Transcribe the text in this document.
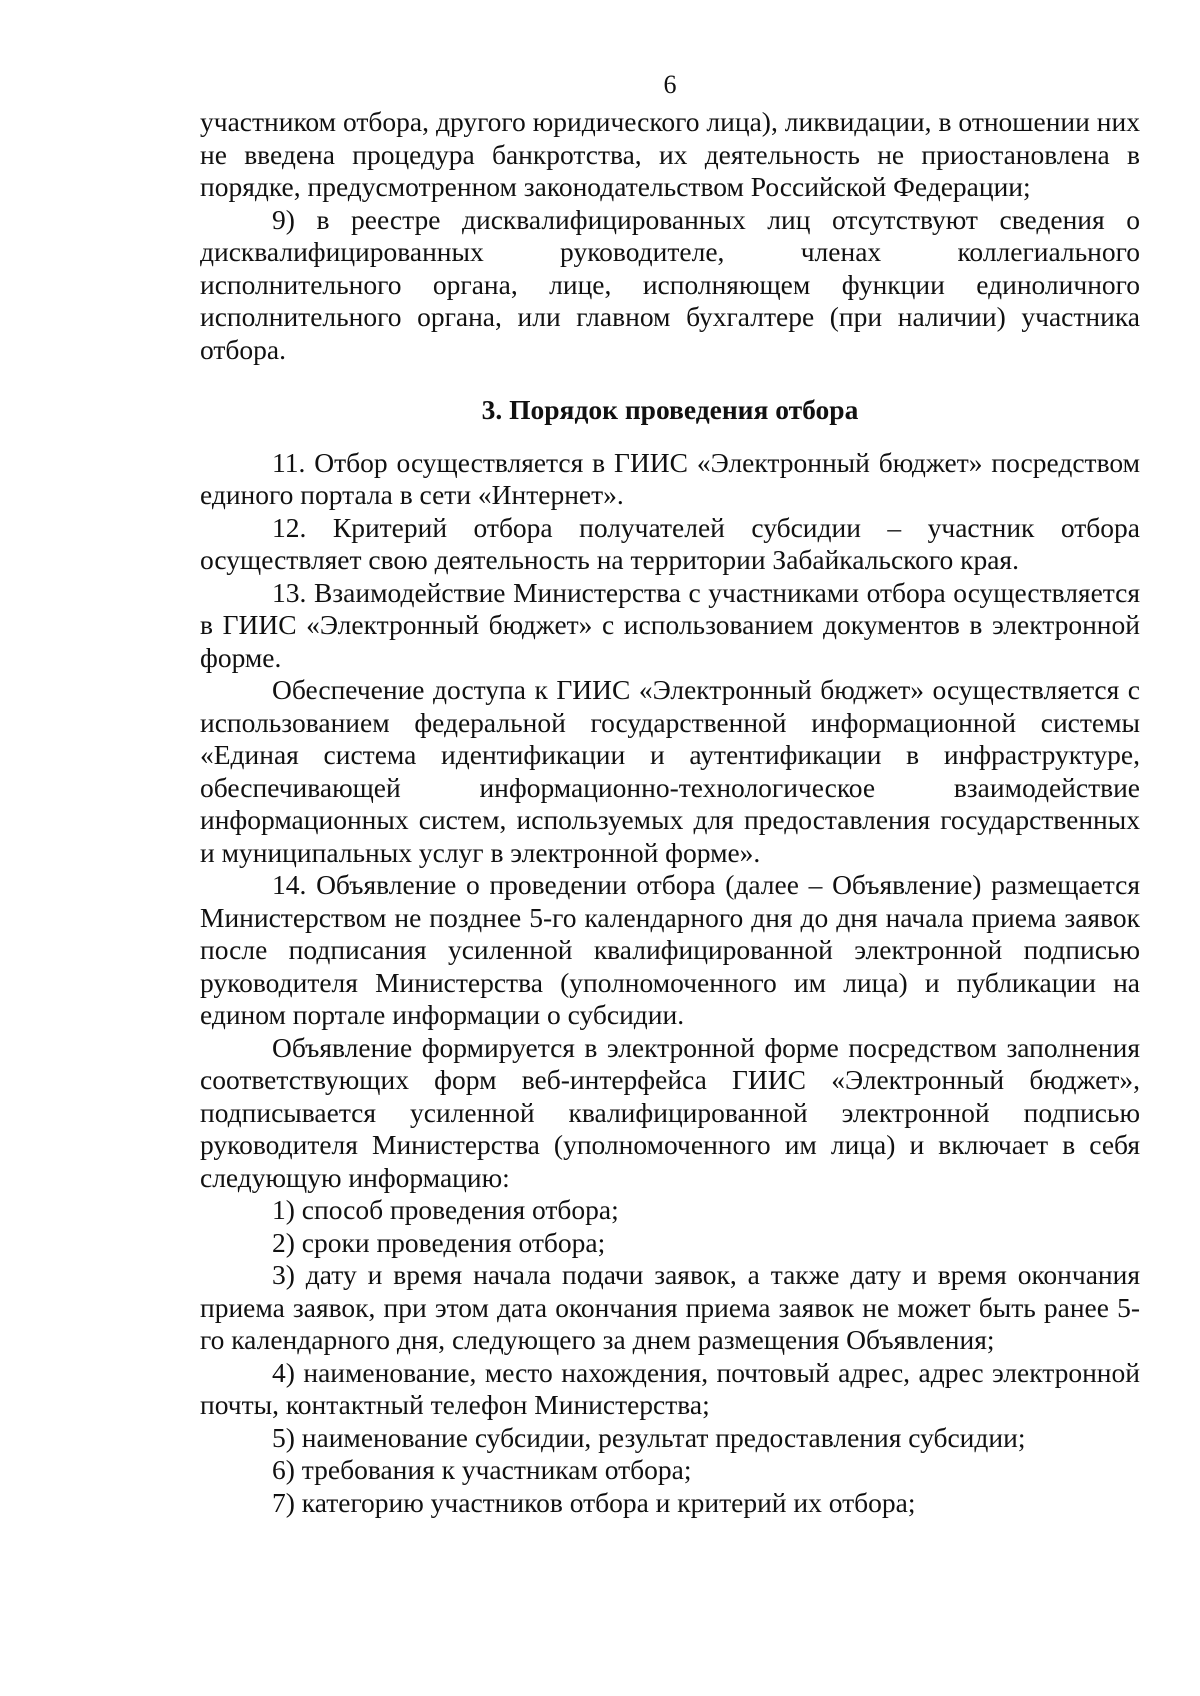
6

участником отбора, другого юридического лица), ликвидации, в отношении них не введена процедура банкротства, их деятельность не приостановлена в порядке, предусмотренном законодательством Российской Федерации;

9) в реестре дисквалифицированных лиц отсутствуют сведения о дисквалифицированных руководителе, членах коллегиального исполнительного органа, лице, исполняющем функции единоличного исполнительного органа, или главном бухгалтере (при наличии) участника отбора.

3. Порядок проведения отбора

11. Отбор осуществляется в ГИИС «Электронный бюджет» посредством единого портала в сети «Интернет».

12. Критерий отбора получателей субсидии – участник отбора осуществляет свою деятельность на территории Забайкальского края.

13. Взаимодействие Министерства с участниками отбора осуществляется в ГИИС «Электронный бюджет» с использованием документов в электронной форме.

Обеспечение доступа к ГИИС «Электронный бюджет» осуществляется с использованием федеральной государственной информационной системы «Единая система идентификации и аутентификации в инфраструктуре, обеспечивающей информационно-технологическое взаимодействие информационных систем, используемых для предоставления государственных и муниципальных услуг в электронной форме».

14. Объявление о проведении отбора (далее – Объявление) размещается Министерством не позднее 5-го календарного дня до дня начала приема заявок после подписания усиленной квалифицированной электронной подписью руководителя Министерства (уполномоченного им лица) и публикации на едином портале информации о субсидии.

Объявление формируется в электронной форме посредством заполнения соответствующих форм веб-интерфейса ГИИС «Электронный бюджет», подписывается усиленной квалифицированной электронной подписью руководителя Министерства (уполномоченного им лица) и включает в себя следующую информацию:

1) способ проведения отбора;

2) сроки проведения отбора;

3) дату и время начала подачи заявок, а также дату и время окончания приема заявок, при этом дата окончания приема заявок не может быть ранее 5-го календарного дня, следующего за днем размещения Объявления;

4) наименование, место нахождения, почтовый адрес, адрес электронной почты, контактный телефон Министерства;

5) наименование субсидии, результат предоставления субсидии;

6) требования к участникам отбора;

7) категорию участников отбора и критерий их отбора;
